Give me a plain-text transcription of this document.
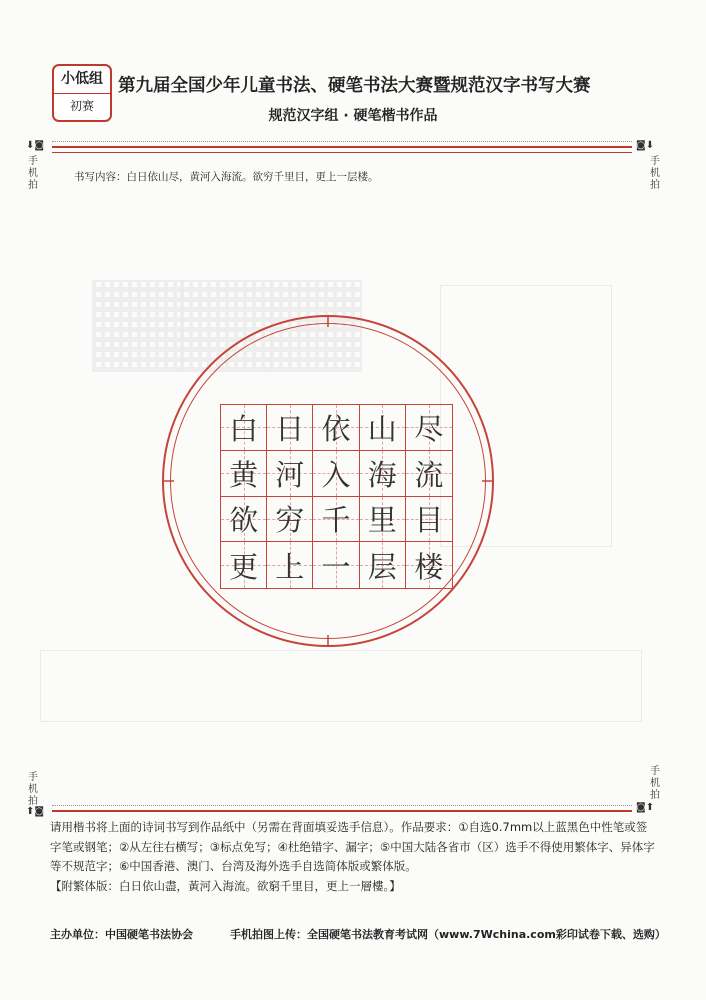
小低组
初赛
第九届全国少年儿童书法、硬笔书法大赛暨规范汉字书写大赛
规范汉字组 · 硬笔楷书作品
⬇◙
手机拍
◙⬇
手机拍
书写内容：白日依山尽，黄河入海流。欲穷千里目，更上一层楼。
白 日 依 山 尽
黄 河 入 海 流
欲 穷 千 里 目
更 上 一 层 楼
手机拍
⬆◙
手机拍
◙⬆

请用楷书将上面的诗词书写到作品纸中（另需在背面填妥选手信息）。作品要求：①自选0.7mm以上蓝黑色中性笔或签字笔或钢笔；②从左往右横写；③标点免写；④杜绝错字、漏字；⑤中国大陆各省市（区）选手不得使用繁体字、异体字等不规范字；⑥中国香港、澳门、台湾及海外选手自选简体版或繁体版。

【附繁体版：白日依山盡，黃河入海流。欲窮千里目，更上一層樓。】

主办单位：中国硬笔书法协会	手机拍图上传：全国硬笔书法教育考试网（www.7Wchina.com彩印试卷下载、选购）
